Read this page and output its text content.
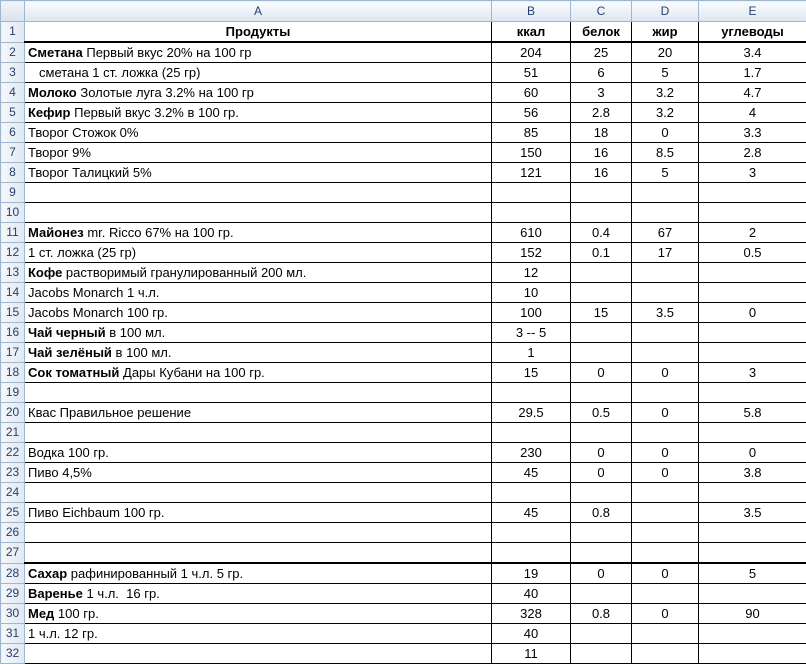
	A	B	C	D	E
1	Продукты	ккал	белок	жир	углеводы
2	Сметана Первый вкус 20% на 100 гр	204	25	20	3.4
3	сметана 1 ст. ложка (25 гр)	51	6	5	1.7
4	Молоко Золотые луга 3.2% на 100 гр	60	3	3.2	4.7
5	Кефир Первый вкус 3.2% в 100 гр.	56	2.8	3.2	4
6	Творог Стожок 0%	85	18	0	3.3
7	Творог 9%	150	16	8.5	2.8
8	Творог Талицкий 5%	121	16	5	3
9					
10					
11	Майонез mr. Ricco 67% на 100 гр.	610	0.4	67	2
12	1 ст. ложка (25 гр)	152	0.1	17	0.5
13	Кофе растворимый гранулированный 200 мл.	12			
14	Jacobs Monarch 1 ч.л.	10			
15	Jacobs Monarch 100 гр.	100	15	3.5	0
16	Чай черный в 100 мл.	3 -- 5			
17	Чай зелёный в 100 мл.	1			
18	Сок томатный Дары Кубани на 100 гр.	15	0	0	3
19					
20	Квас Правильное решение	29.5	0.5	0	5.8
21					
22	Водка 100 гр.	230	0	0	0
23	Пиво 4,5%	45	0	0	3.8
24					
25	Пиво Eichbaum 100 гр.	45	0.8		3.5
26					
27					
28	Сахар рафинированный 1 ч.л. 5 гр.	19	0	0	5
29	Варенье 1 ч.л.  16 гр.	40			
30	Мед 100 гр.	328	0.8	0	90
31	1 ч.л. 12 гр.	40			
32		11			
